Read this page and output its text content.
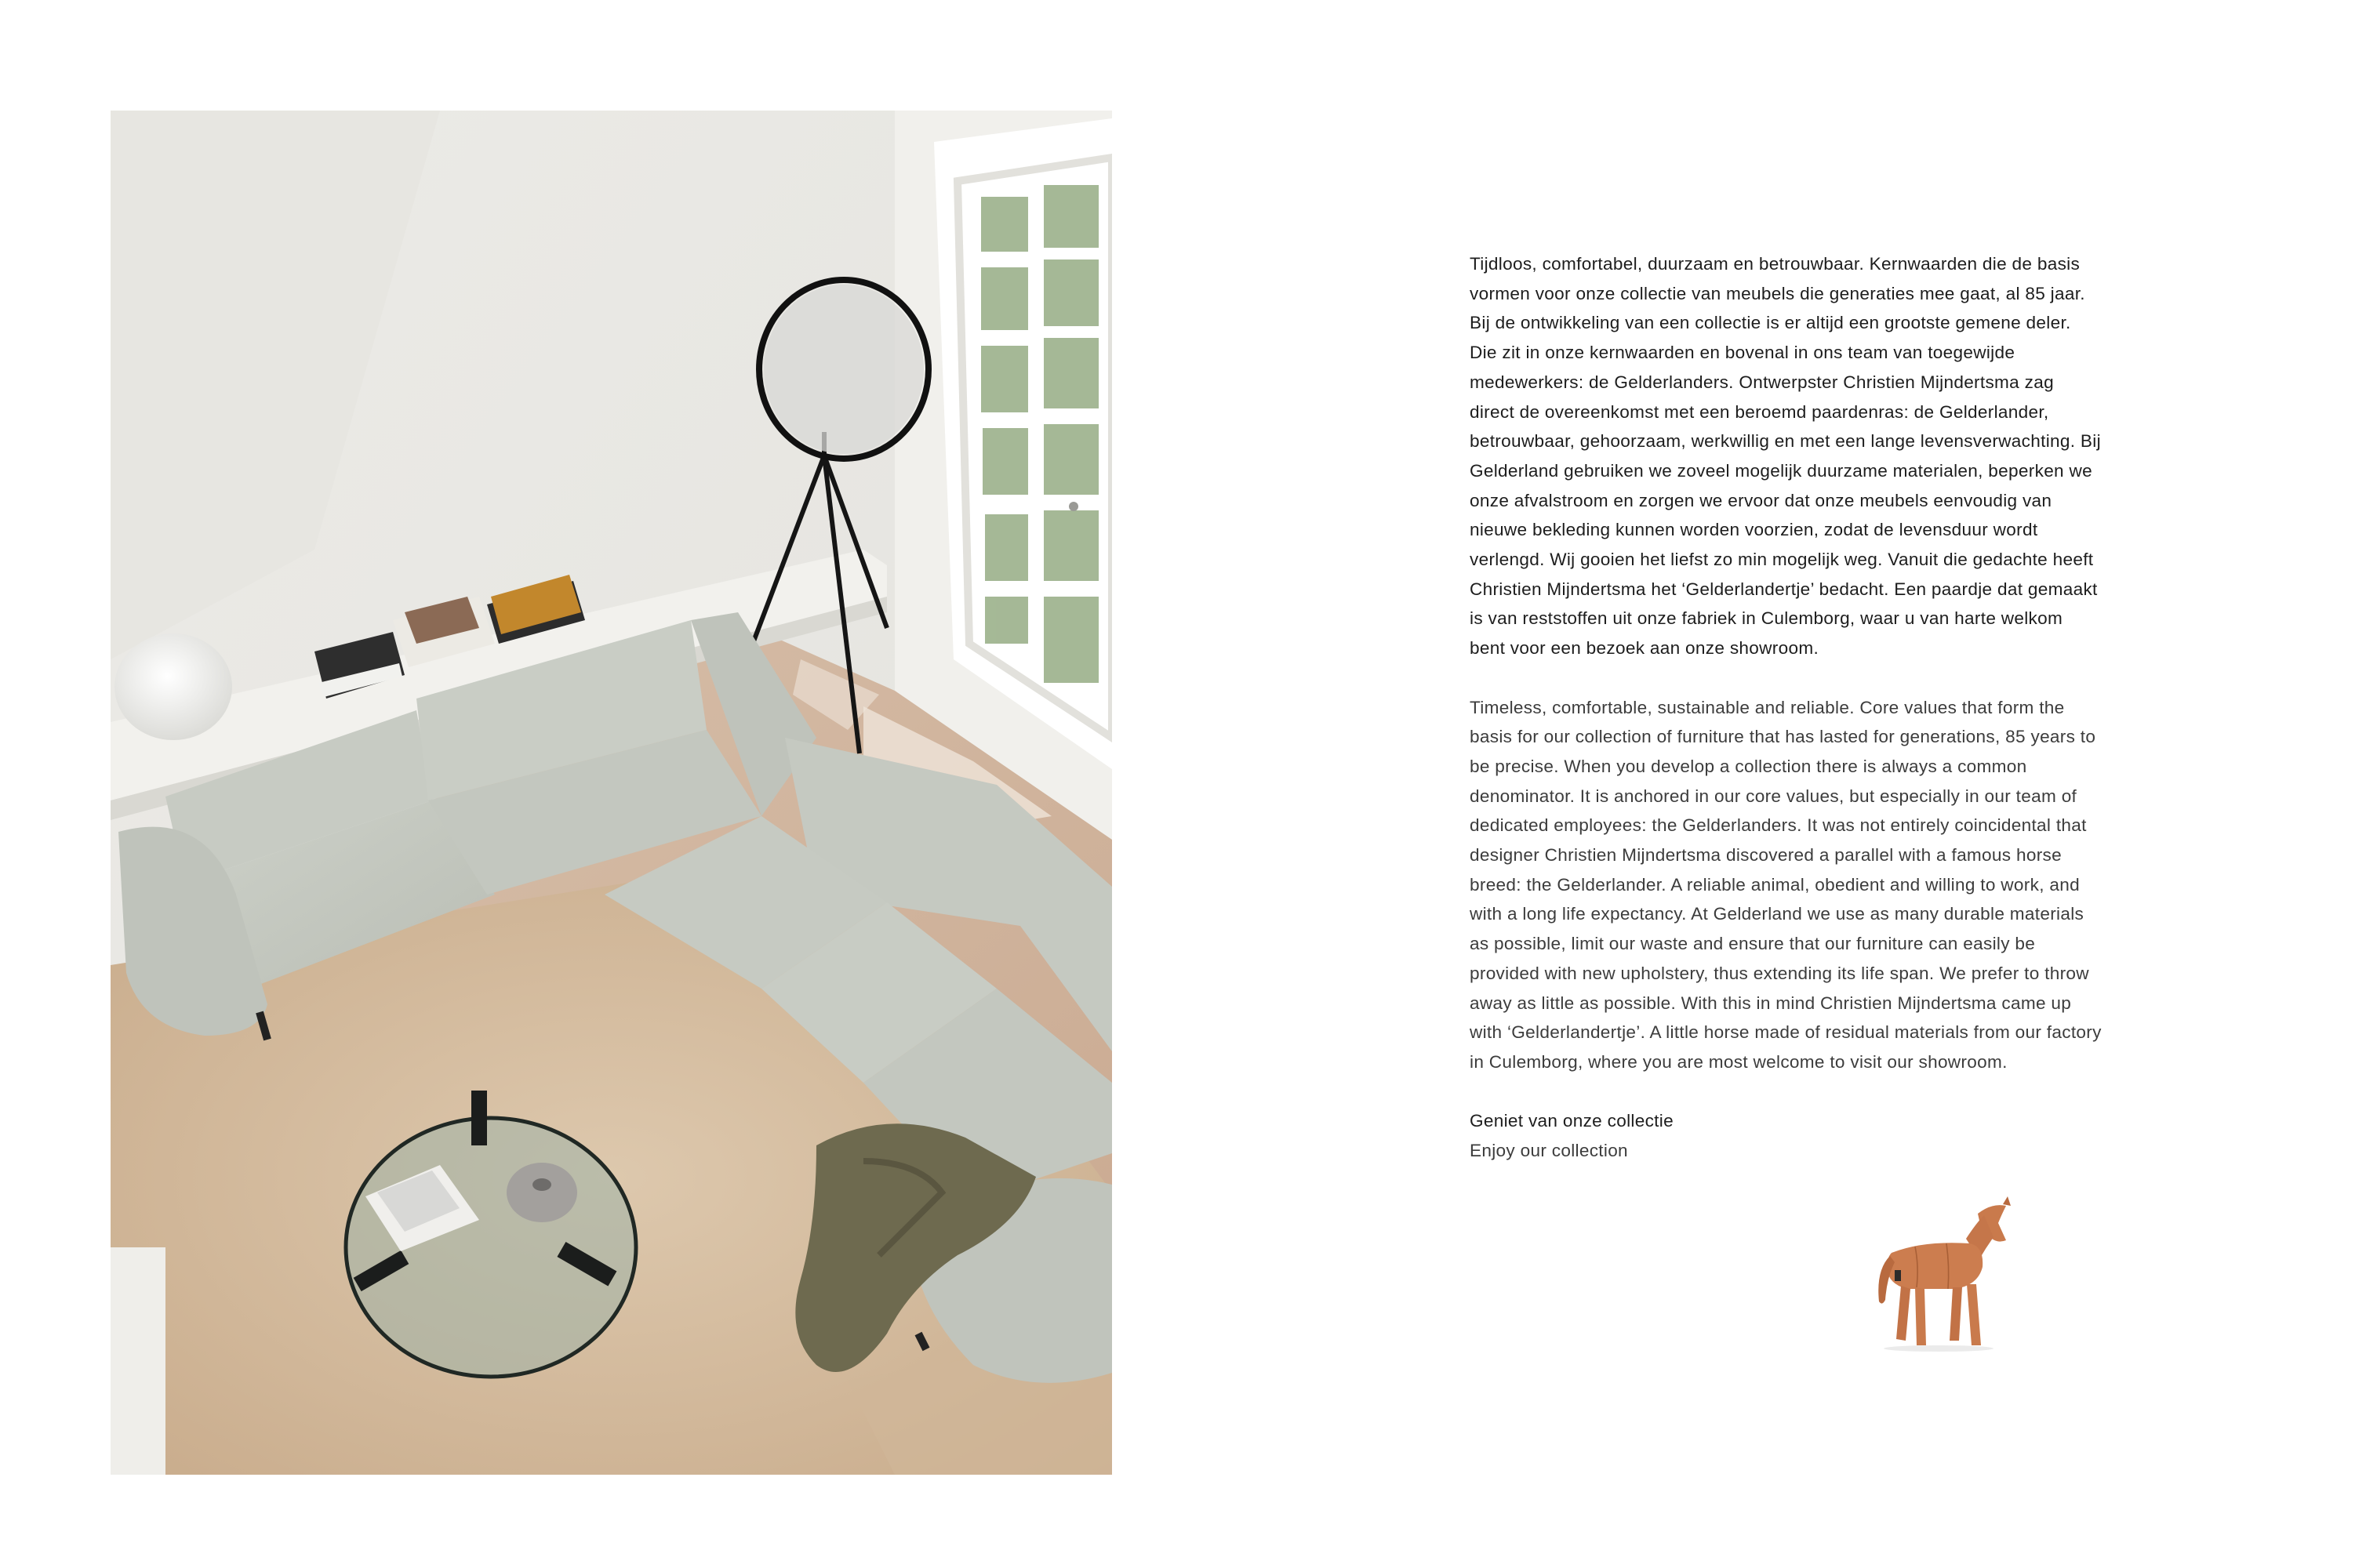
Tijdloos, comfortabel, duurzaam en betrouwbaar. Kernwaarden die de basis vormen voor onze collectie van meubels die generaties mee gaat, al 85 jaar. Bij de ontwikkeling van een collectie is er altijd een grootste gemene deler. Die zit in onze kernwaarden en bovenal in ons team van toegewijde medewerkers: de Gelderlanders. Ontwerpster Christien Mijndertsma zag direct de overeenkomst met een beroemd paardenras: de Gelderlander, betrouwbaar, gehoorzaam, werkwillig en met een lange levensverwachting. Bij Gelderland gebruiken we zoveel mogelijk duurzame materialen, beperken we onze afvalstroom en zorgen we ervoor dat onze meubels eenvoudig van nieuwe bekleding kunnen worden voorzien, zodat de levensduur wordt verlengd. Wij gooien het liefst zo min mogelijk weg. Vanuit die gedachte heeft Christien Mijndertsma het ‘Gelderlandertje’ bedacht. Een paardje dat gemaakt is van reststoffen uit onze fabriek in Culemborg, waar u van harte welkom bent voor een bezoek aan onze showroom.

Timeless, comfortable, sustainable and reliable. Core values that form the basis for our collection of furniture that has lasted for generations, 85 years to be precise. When you develop a collection there is always a common denominator. It is anchored in our core values, but especially in our team of dedicated employees: the Gelderlanders. It was not entirely coincidental that designer Christien Mijndertsma discovered a parallel with a famous horse breed: the Gelderlander. A reliable animal, obedient and willing to work, and with a long life expectancy. At Gelderland we use as many durable materials as possible, limit our waste and ensure that our furniture can easily be provided with new upholstery, thus extending its life span. We prefer to throw away as little as possible. With this in mind Christien Mijndertsma came up with ‘Gelderlandertje’. A little horse made of residual materials from our factory in Culemborg, where you are most welcome to visit our showroom.

Geniet van onze collectie
Enjoy our collection
